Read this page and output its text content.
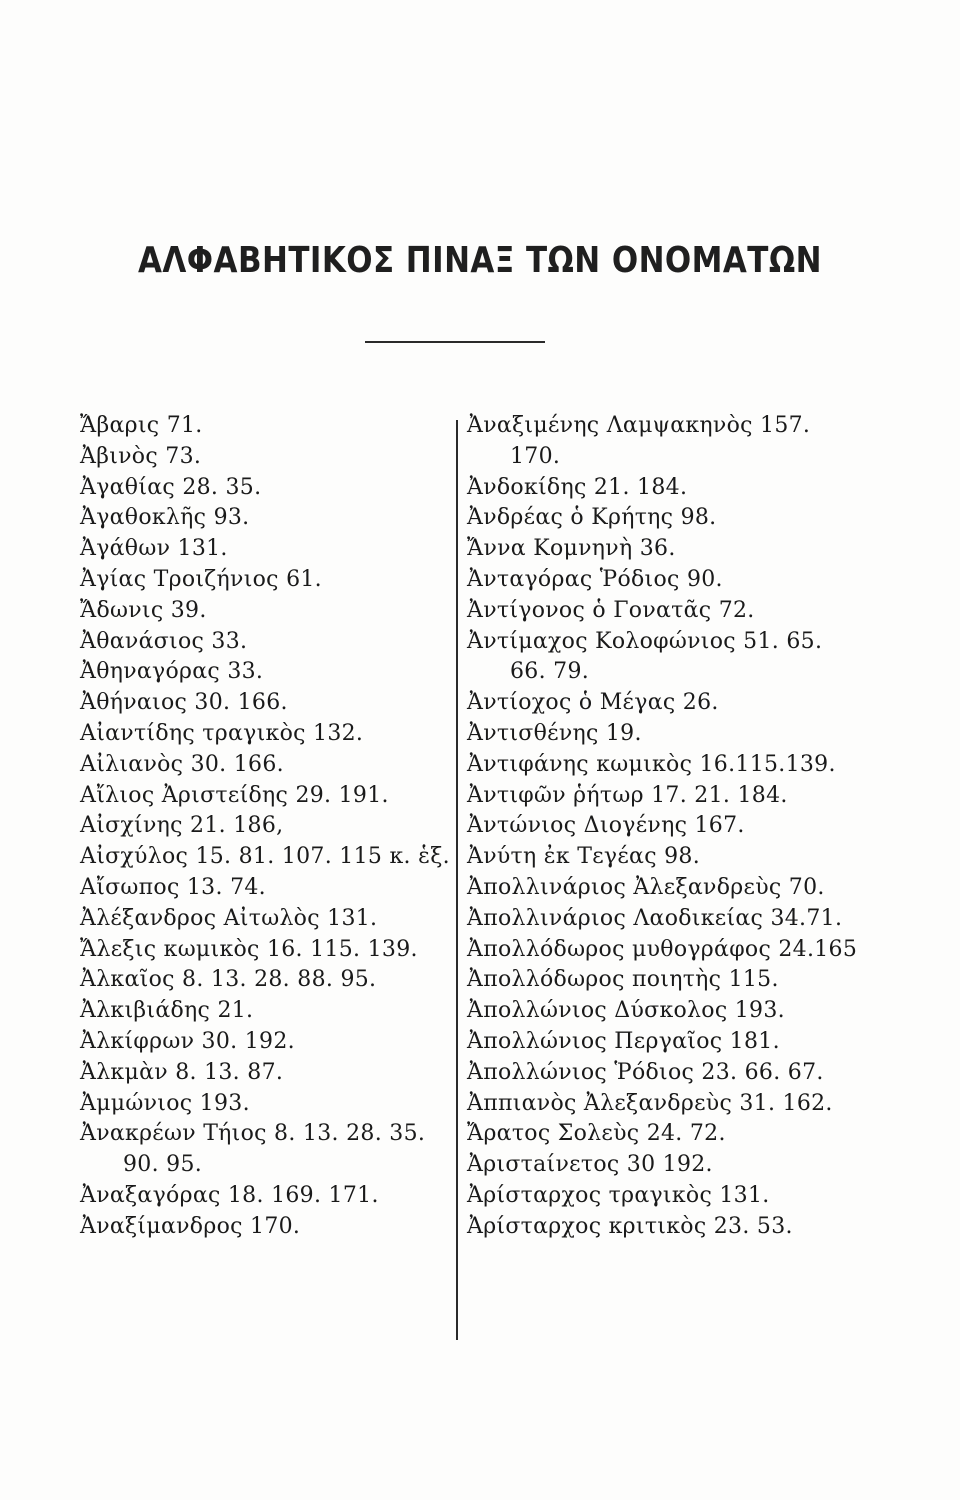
ΑΛΦΑΒΗΤΙΚΟΣ ΠΙΝΑΞ ΤΩΝ ΟΝΟΜΑΤΩΝ
Ἄβαρις 71.
Ἀβινὸς 73.
Ἀγαθίας 28. 35.
Ἀγαθοκλῆς 93.
Ἀγάθων 131.
Ἀγίας Τροιζήνιος 61.
Ἄδωνις 39.
Ἀθανάσιος 33.
Ἀθηναγόρας 33.
Ἀθήναιος 30. 166.
Αἰαντίδης τραγικὸς 132.
Αἰλιανὸς 30. 166.
Αἴλιος Ἀριστείδης 29. 191.
Αἰσχίνης 21. 186,
Αἰσχύλος 15. 81. 107. 115 κ. ἑξ.
Αἴσωπος 13. 74.
Ἀλέξανδρος Αἰτωλὸς 131.
Ἄλεξις κωμικὸς 16. 115. 139.
Ἀλκαῖος 8. 13. 28. 88. 95.
Ἀλκιβιάδης 21.
Ἀλκίφρων 30. 192.
Ἀλκμὰν 8. 13. 87.
Ἀμμώνιος 193.
Ἀνακρέων Τήιος 8. 13. 28. 35.
90. 95.
Ἀναξαγόρας 18. 169. 171.
Ἀναξίμανδρος 170.
Ἀναξιμένης Λαμψακηνὸς 157.
170.
Ἀνδοκίδης 21. 184.
Ἀνδρέας ὁ Κρήτης 98.
Ἄννα Κομνηνὴ 36.
Ἀνταγόρας Ῥόδιος 90.
Ἀντίγονος ὁ Γονατᾶς 72.
Ἀντίμαχος Κολοφώνιος 51. 65.
66. 79.
Ἀντίοχος ὁ Μέγας 26.
Ἀντισθένης 19.
Ἀντιφάνης κωμικὸς 16.115.139.
Ἀντιφῶν ῥήτωρ 17. 21. 184.
Ἀντώνιος Διογένης 167.
Ἀνύτη ἐκ Τεγέας 98.
Ἀπολλινάριος Ἀλεξανδρεὺς 70.
Ἀπολλινάριος Λαοδικείας 34.71.
Ἀπολλόδωρος μυθογράφος 24.165
Ἀπολλόδωρος ποιητὴς 115.
Ἀπολλώνιος Δύσκολος 193.
Ἀπολλώνιος Περγαῖος 181.
Ἀπολλώνιος Ῥόδιος 23. 66. 67.
Ἀππιανὸς Ἀλεξανδρεὺς 31. 162.
Ἄρατος Σολεὺς 24. 72.
Ἀριστaίνετος 30 192.
Ἀρίσταρχος τραγικὸς 131.
Ἀρίσταρχος κριτικὸς 23. 53.
